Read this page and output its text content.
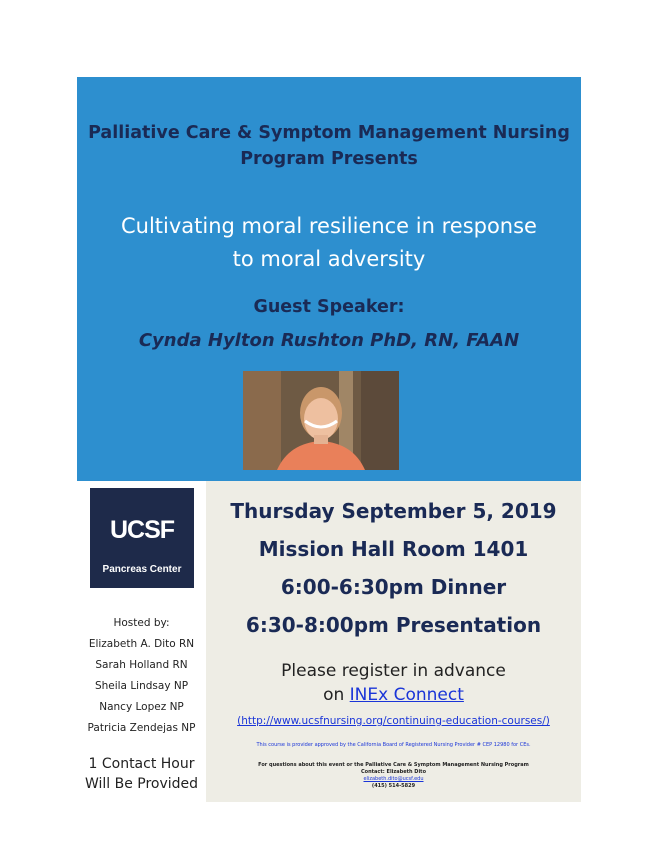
Palliative Care & Symptom Management Nursing
Program Presents
Cultivating moral resilience in response
to moral adversity
Guest Speaker:
Cynda Hylton Rushton PhD, RN, FAAN
UCSF
Pancreas Center
Hosted by:
Elizabeth A. Dito RN
Sarah Holland RN
Sheila Lindsay NP
Nancy Lopez NP
Patricia Zendejas NP
1 Contact Hour
Will Be Provided
Thursday September 5, 2019
Mission Hall Room 1401
6:00-6:30pm Dinner
6:30-8:00pm Presentation
Please register in advance
on INEx Connect
(http://www.ucsfnursing.org/continuing-education-courses/)
This course is provider approved by the California Board of Registered Nursing Provider # CEP 12980 for CEs.
For questions about this event or the Palliative Care & Symptom Management Nursing Program
Contact: Elizabeth Dito
elizabeth.dito@ucsf.edu
(415) 514-5829
